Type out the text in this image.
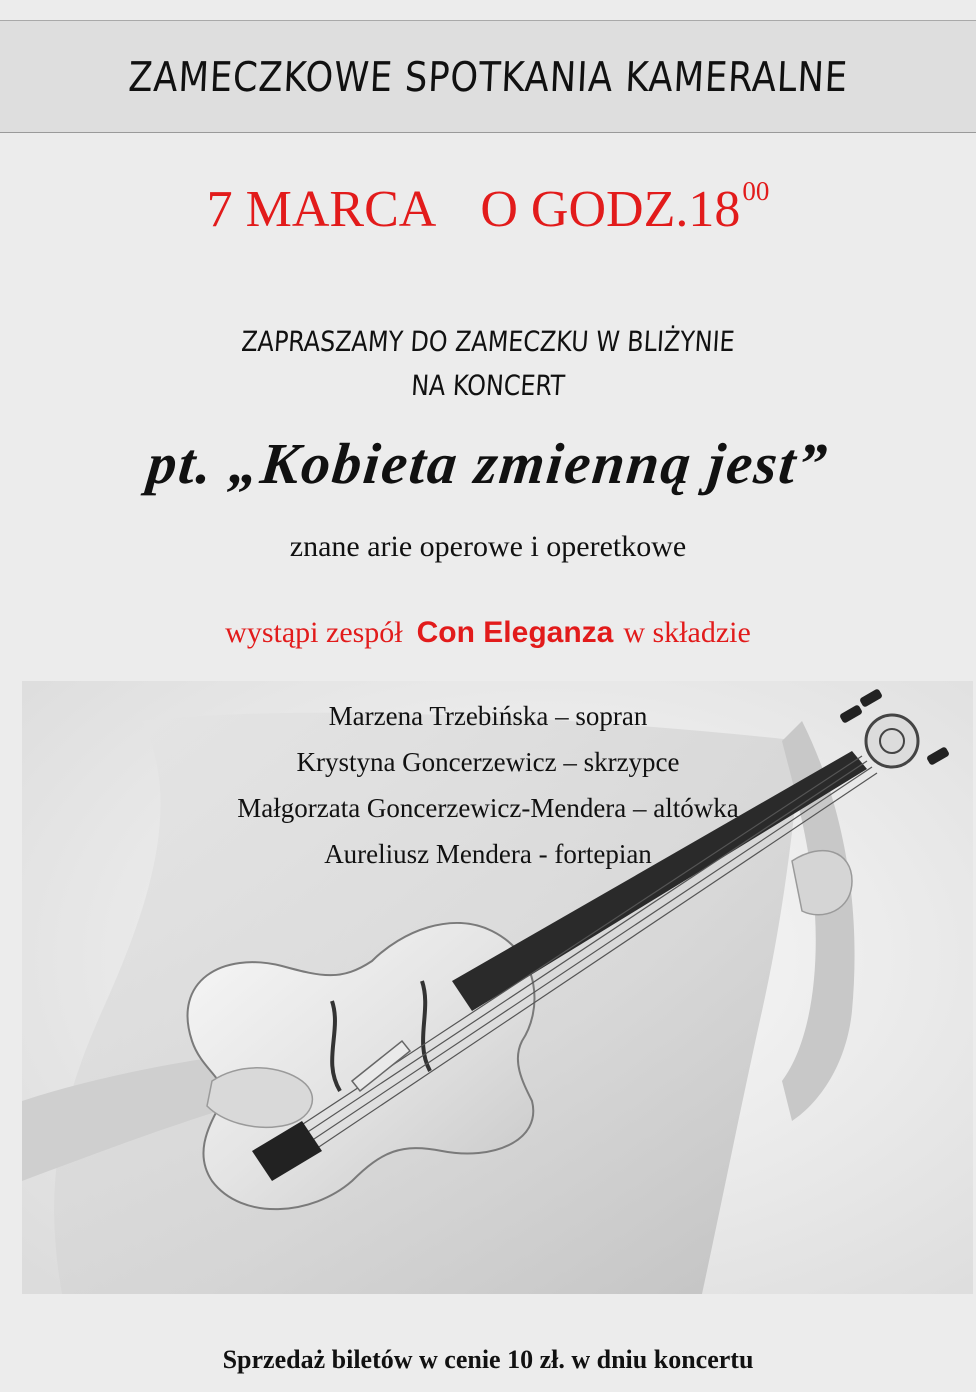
ZAMECZKOWE SPOTKANIA KAMERALNE
7 MARCA O $GODZ.18^{00}$
ZAPRASZAMY DO ZAMECZKU W BLIŻYNIE
NA KONCERT
pt. „Kobieta zmienną jest”
znane arie operowe i operetkowe
wystąpi zespół Con Eleganza w składzie
Marzena Trzebińska – sopran
Krystyna Goncerzewicz – skrzypce
Małgorzata Goncerzewicz-Mendera – altówka
Aureliusz Mendera - fortepian
Sprzedaż biletów w cenie 10 zł. w dniu koncertu
